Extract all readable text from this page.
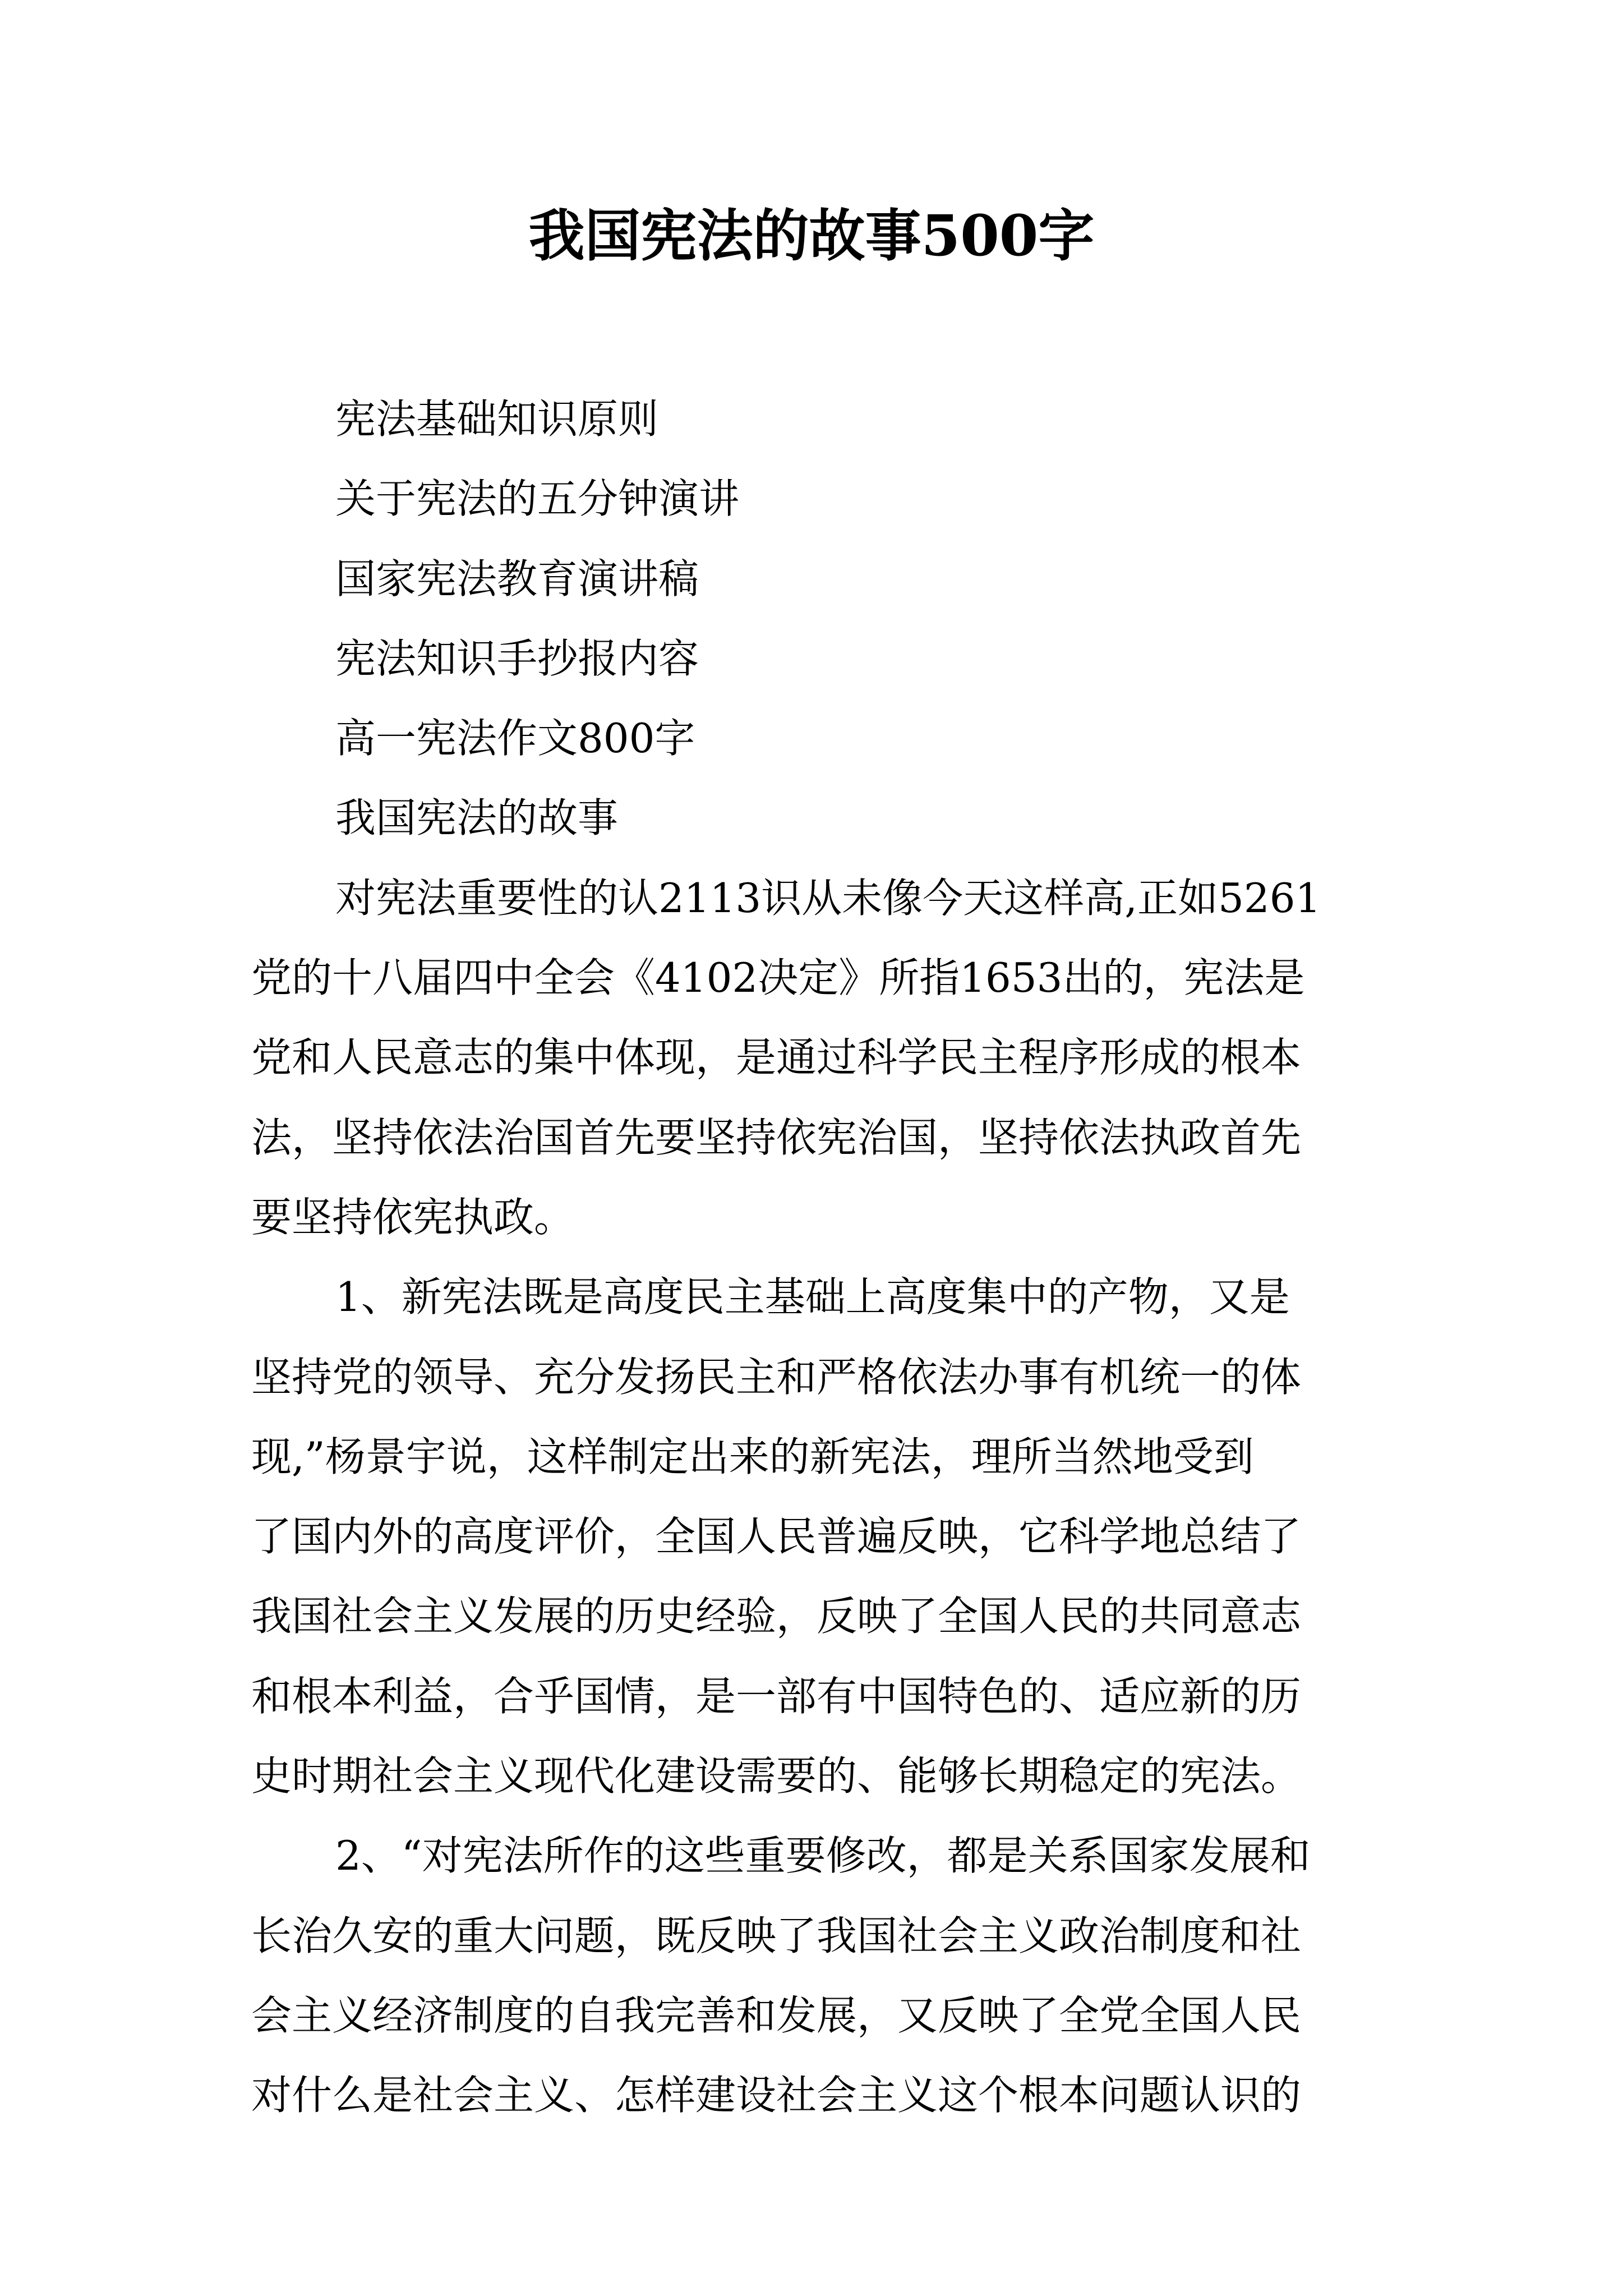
我国宪法的故事500字
宪法基础知识原则
关于宪法的五分钟演讲
国家宪法教育演讲稿
宪法知识手抄报内容
高一宪法作文800字
我国宪法的故事
对宪法重要性的认2113识从未像今天这样高,正如5261
党的十八届四中全会《4102决定》所指1653出的，宪法是
党和人民意志的集中体现，是通过科学民主程序形成的根本
法，坚持依法治国首先要坚持依宪治国，坚持依法执政首先
要坚持依宪执政。
1、新宪法既是高度民主基础上高度集中的产物，又是
坚持党的领导、充分发扬民主和严格依法办事有机统一的体
现,”杨景宇说，这样制定出来的新宪法，理所当然地受到
了国内外的高度评价，全国人民普遍反映，它科学地总结了
我国社会主义发展的历史经验，反映了全国人民的共同意志
和根本利益，合乎国情，是一部有中国特色的、适应新的历
史时期社会主义现代化建设需要的、能够长期稳定的宪法。
2、“对宪法所作的这些重要修改，都是关系国家发展和
长治久安的重大问题，既反映了我国社会主义政治制度和社
会主义经济制度的自我完善和发展，又反映了全党全国人民
对什么是社会主义、怎样建设社会主义这个根本问题认识的
